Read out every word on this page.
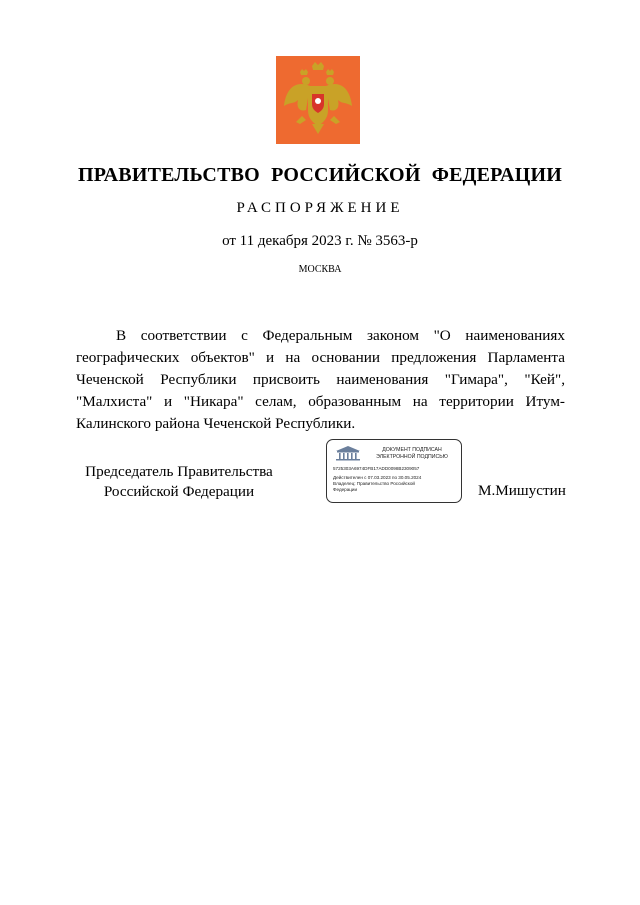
ПРАВИТЕЛЬСТВО РОССИЙСКОЙ ФЕДЕРАЦИИ
РАСПОРЯЖЕНИЕ
от 11 декабря 2023 г. № 3563-р
МОСКВА

В соответствии с Федеральным законом "О наименованиях географических объектов" и на основании предложения Парламента Чеченской Республики присвоить наименования "Гимара", "Кей", "Малхиста" и "Никара" селам, образованным на территории Итум-Калинского района Чеченской Республики.

Председатель Правительства
Российской Федерации
ДОКУМЕНТ ПОДПИСАН
ЭЛЕКТРОННОЙ ПОДПИСЬЮ
5725303A6974DFB17ADD0098B2309057
Действителен с 07.03.2023 по 30.05.2024
Владелец: Правительство Российской
Федерации	М.Мишустин
